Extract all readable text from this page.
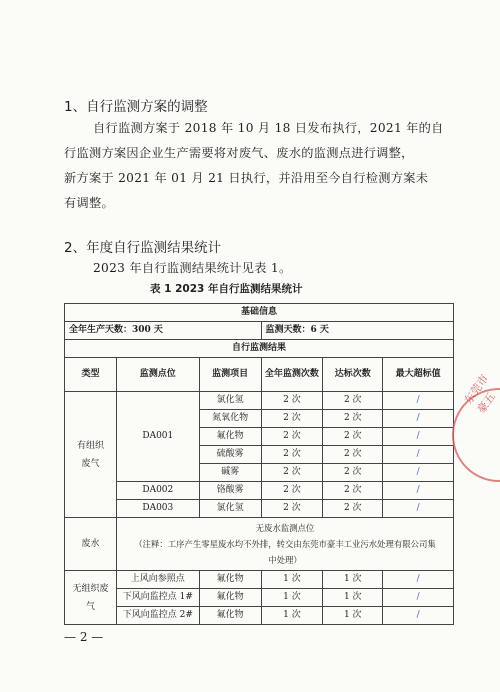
1、自行监测方案的调整
自行监测方案于 2018 年 10 月 18 日发布执行，2021 年的自
行监测方案因企业生产需要将对废气、废水的监测点进行调整，
新方案于 2021 年 01 月 21 日执行，并沿用至今自行检测方案未
有调整。
2、年度自行监测结果统计
2023 年自行监测结果统计见表 1。
表 1 2023 年自行监测结果统计
基础信息					
全年生产天数：300 天			监测天数：6 天		
自行监测结果					
类型	监测点位	监测项目	全年监测次数	达标次数	最大超标值
有组织废气	DA001	氯化氢	2 次	2 次	/
		氮氧化物	2 次	2 次	/
		氟化物	2 次	2 次	/
		硫酸雾	2 次	2 次	/
		碱雾	2 次	2 次	/
	DA002	铬酸雾	2 次	2 次	/
	DA003	氯化氢	2 次	2 次	/
废水	无废水监测点位
（注释：工序产生零星废水均不外排，转交由东莞市豪丰工业污水处理有限公司集
中处理）				

无组织废气	上风向参照点	氟化物	1 次	1 次	/
	下风向监控点 1#	氟化物	1 次	1 次	/
	下风向监控点 2#	氟化物	1 次	1 次	/
东莞市豪五
— 2 —
